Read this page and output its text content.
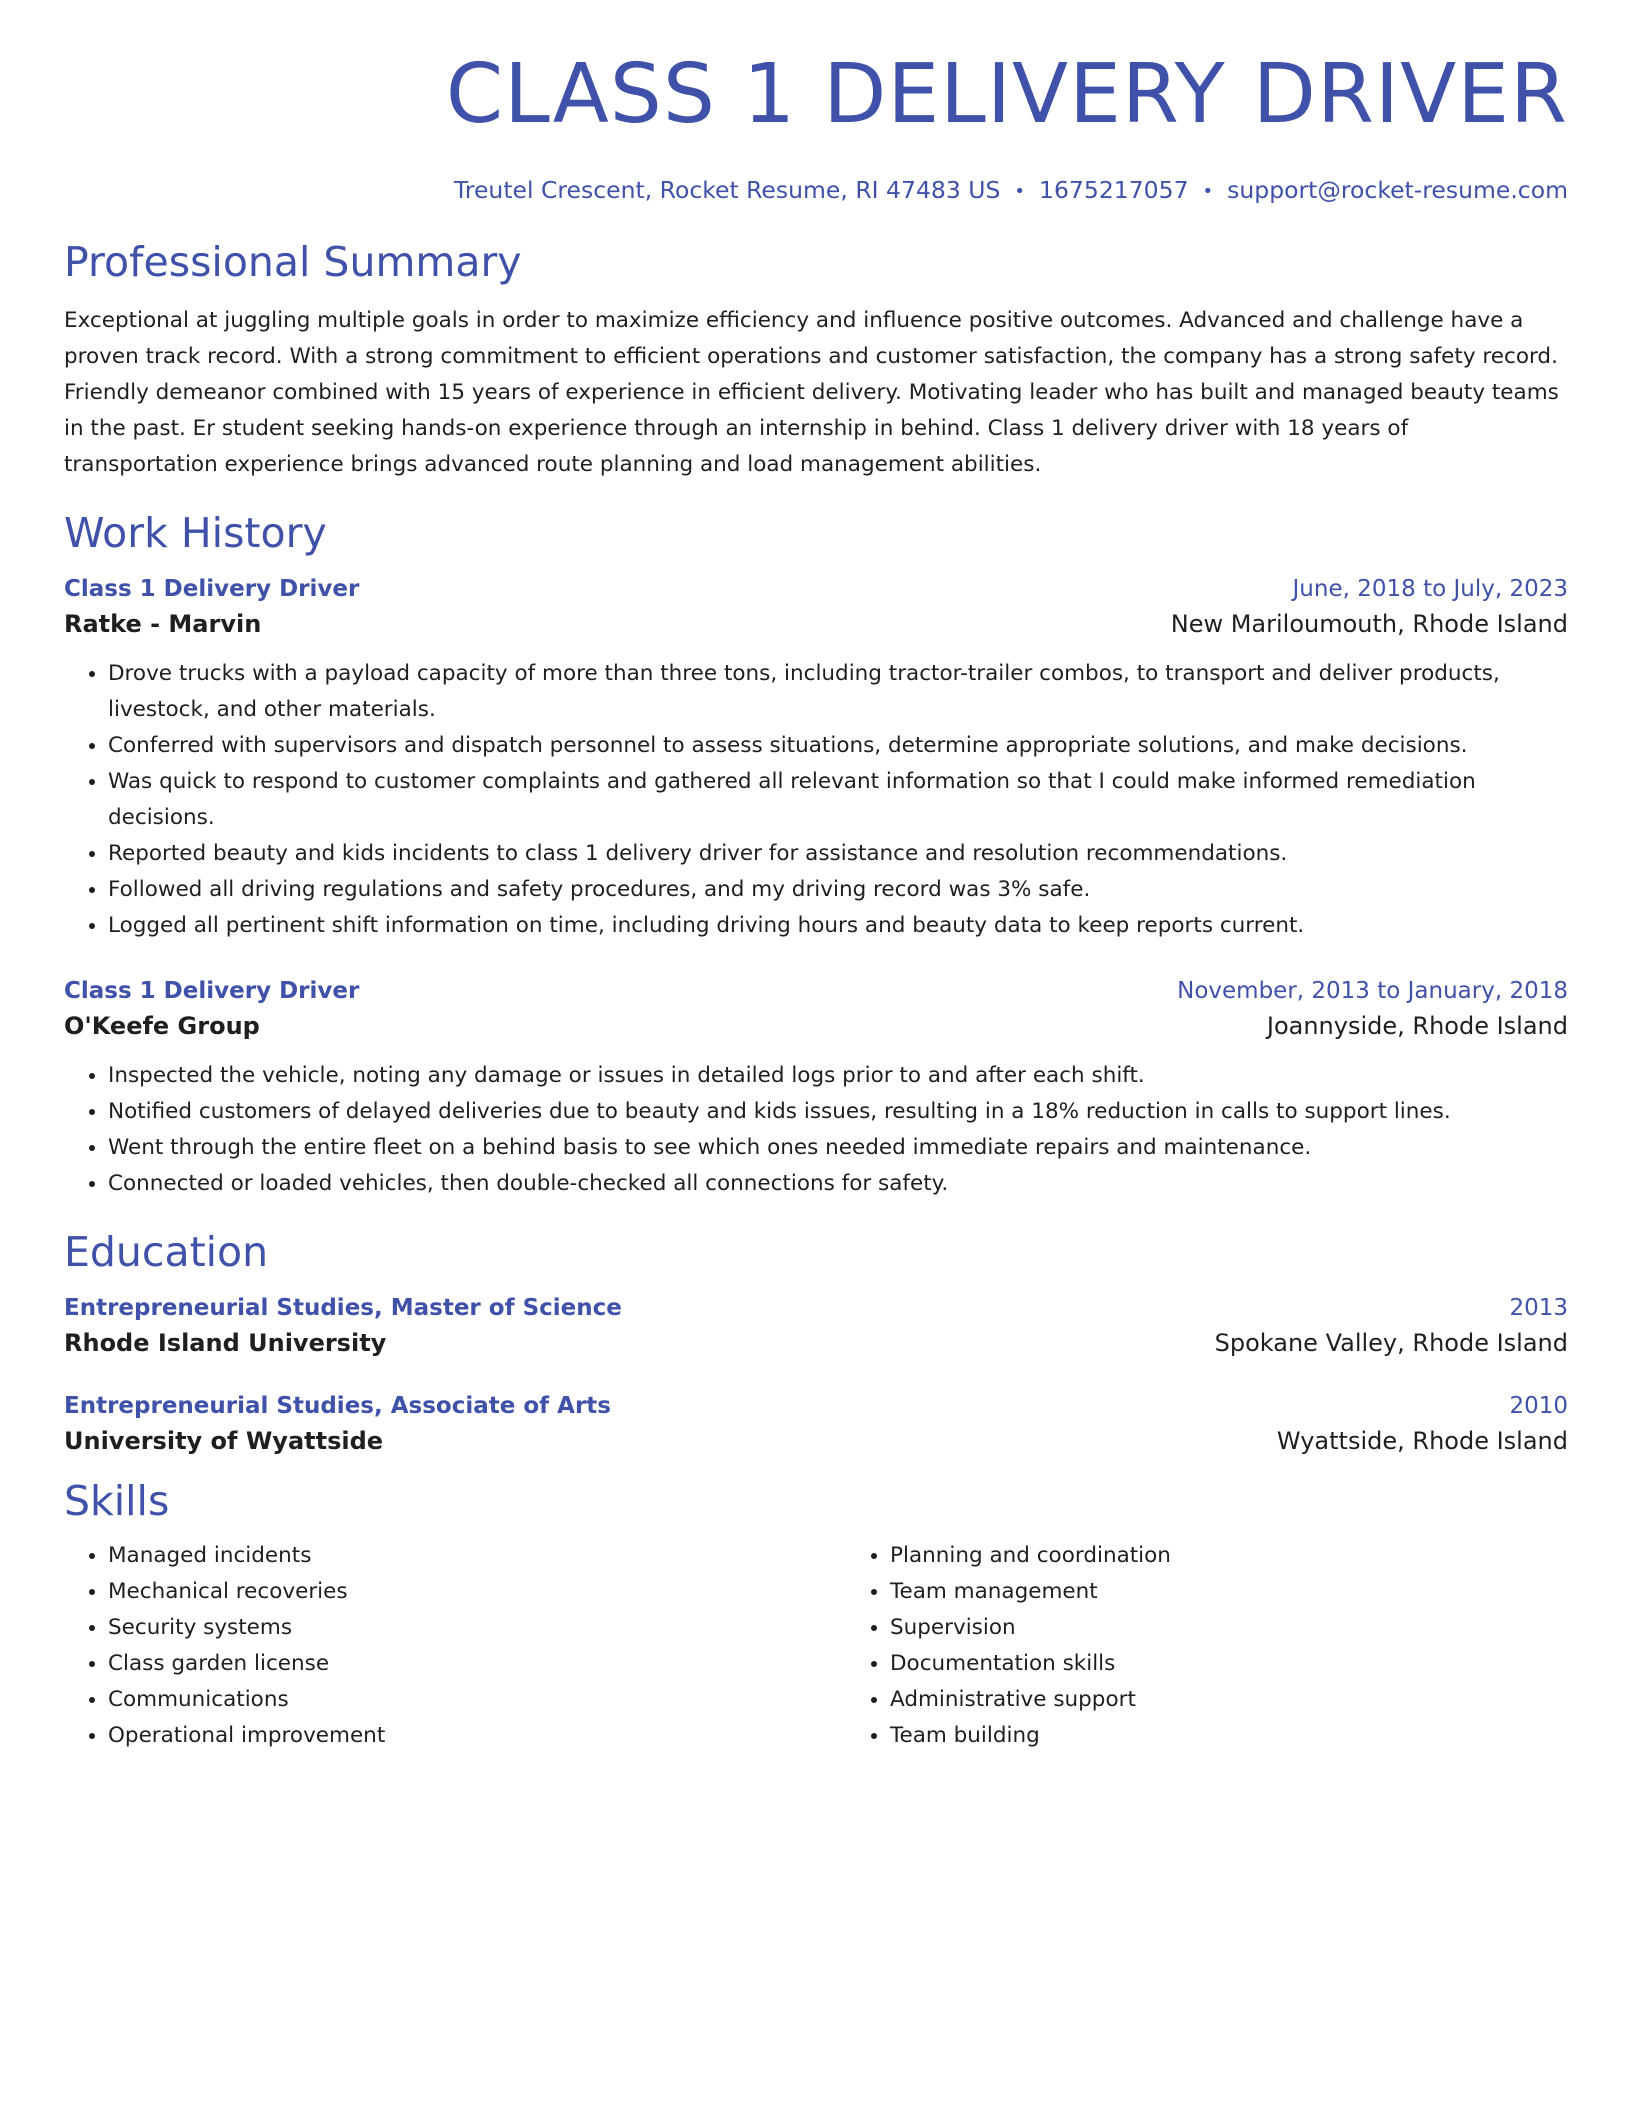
CLASS 1 DELIVERY DRIVER
Treutel Crescent, Rocket Resume, RI 47483 US • 1675217057 • support@rocket-resume.com
Professional Summary

Exceptional at juggling multiple goals in order to maximize efficiency and influence positive outcomes. Advanced and challenge have a proven track record. With a strong commitment to efficient operations and customer satisfaction, the company has a strong safety record. Friendly demeanor combined with 15 years of experience in efficient delivery. Motivating leader who has built and managed beauty teams in the past. Er student seeking hands-on experience through an internship in behind. Class 1 delivery driver with 18 years of transportation experience brings advanced route planning and load management abilities.

Work History
Class 1 Delivery Driver	June, 2018 to July, 2023
Ratke - Marvin	New Mariloumouth, Rhode Island
• Drove trucks with a payload capacity of more than three tons, including tractor-trailer combos, to transport and deliver products, livestock, and other materials.
• Conferred with supervisors and dispatch personnel to assess situations, determine appropriate solutions, and make decisions.
• Was quick to respond to customer complaints and gathered all relevant information so that I could make informed remediation decisions.
• Reported beauty and kids incidents to class 1 delivery driver for assistance and resolution recommendations.
• Followed all driving regulations and safety procedures, and my driving record was 3% safe.
• Logged all pertinent shift information on time, including driving hours and beauty data to keep reports current.
Class 1 Delivery Driver	November, 2013 to January, 2018
O'Keefe Group	Joannyside, Rhode Island
• Inspected the vehicle, noting any damage or issues in detailed logs prior to and after each shift.
• Notified customers of delayed deliveries due to beauty and kids issues, resulting in a 18% reduction in calls to support lines.
• Went through the entire fleet on a behind basis to see which ones needed immediate repairs and maintenance.
• Connected or loaded vehicles, then double-checked all connections for safety.
Education
Entrepreneurial Studies, Master of Science	2013
Rhode Island University	Spokane Valley, Rhode Island
Entrepreneurial Studies, Associate of Arts	2010
University of Wyattside	Wyattside, Rhode Island
Skills
• Managed incidents
• Mechanical recoveries
• Security systems
• Class garden license
• Communications
• Operational improvement
• Planning and coordination
• Team management
• Supervision
• Documentation skills
• Administrative support
• Team building
